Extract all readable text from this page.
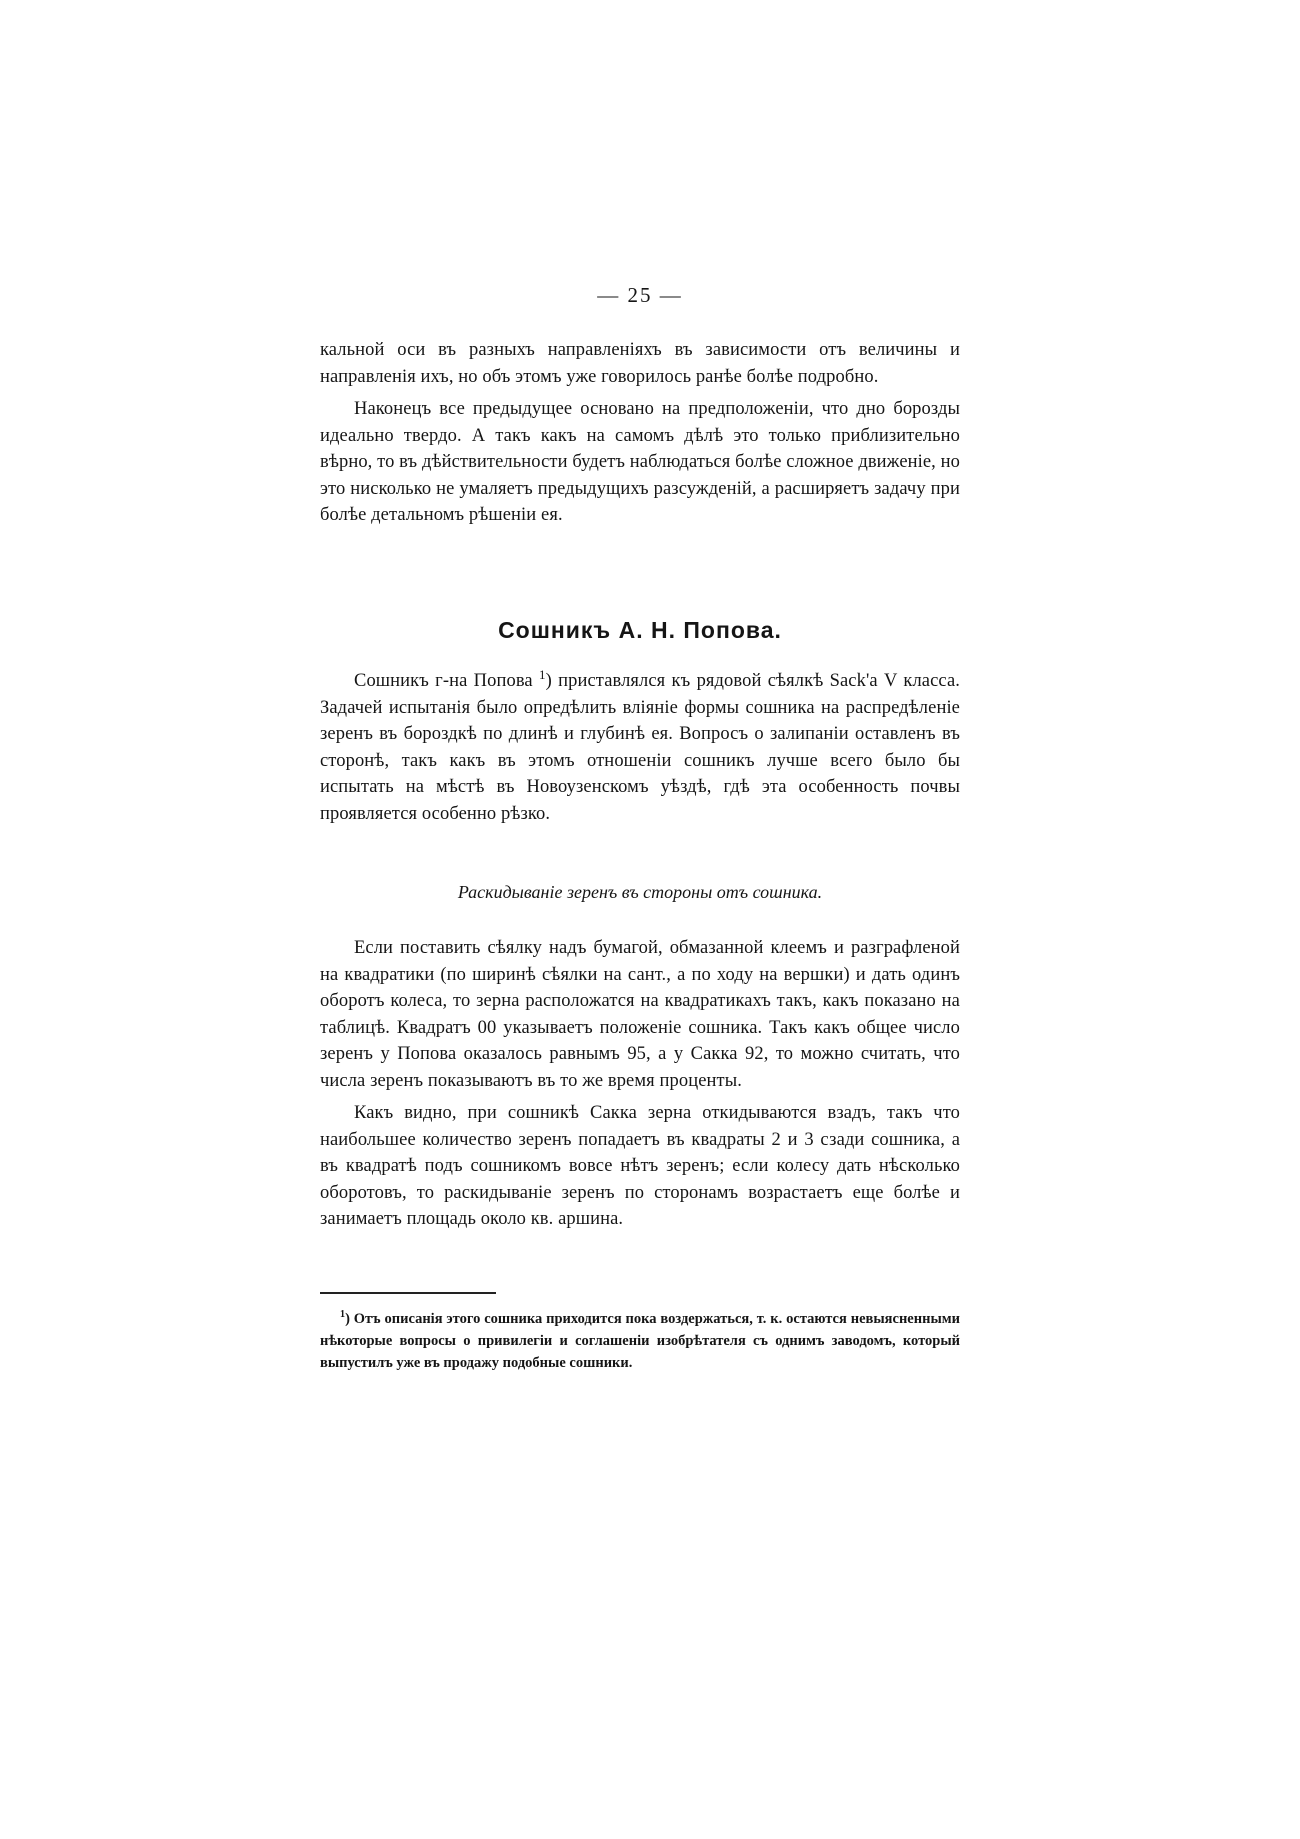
— 25 —

кальной оси въ разныхъ направленіяхъ въ зависимости отъ величины и направленія ихъ, но объ этомъ уже говорилось ранѣе болѣе подробно.

Наконецъ все предыдущее основано на предположеніи, что дно борозды идеально твердо. А такъ какъ на самомъ дѣлѣ это только приблизительно вѣрно, то въ дѣйствительности будетъ наблюдаться болѣе сложное движеніе, но это нисколько не умаляетъ предыдущихъ разсужденій, а расширяетъ задачу при болѣе детальномъ рѣшеніи ея.

Сошникъ А. Н. Попова.

Сошникъ г-на Попова $^1$) приставлялся къ рядовой сѣялкѣ Sack'а V класса. Задачей испытанія было опредѣлить вліяніе формы сошника на распредѣленіе зеренъ въ бороздкѣ по длинѣ и глубинѣ ея. Вопросъ о залипаніи оставленъ въ сторонѣ, такъ какъ въ этомъ отношеніи сошникъ лучше всего было бы испытать на мѣстѣ въ Новоузенскомъ уѣздѣ, гдѣ эта особенность почвы проявляется особенно рѣзко.

Раскидываніе зеренъ въ стороны отъ сошника.

Если поставить сѣялку надъ бумагой, обмазанной клеемъ и разграфленой на квадратики (по ширинѣ сѣялки на сант., а по ходу на вершки) и дать одинъ оборотъ колеса, то зерна расположатся на квадратикахъ такъ, какъ показано на таблицѣ. Квадратъ 00 указываетъ положеніе сошника. Такъ какъ общее число зеренъ у Попова оказалось равнымъ 95, а у Сакка 92, то можно считать, что числа зеренъ показываютъ въ то же время проценты.

Какъ видно, при сошникѣ Сакка зерна откидываются взадъ, такъ что наибольшее количество зеренъ попадаетъ въ квадраты 2 и 3 сзади сошника, а въ квадратѣ подъ сошникомъ вовсе нѣтъ зеренъ; если колесу дать нѣсколько оборотовъ, то раскидываніе зеренъ по сторонамъ возрастаетъ еще болѣе и занимаетъ площадь около кв. аршина.

$^1$) Отъ описанія этого сошника приходится пока воздержаться, т. к. остаются невыясненными нѣкоторые вопросы о привилегіи и соглашеніи изобрѣтателя съ однимъ заводомъ, который выпустилъ уже въ продажу подобные сошники.
